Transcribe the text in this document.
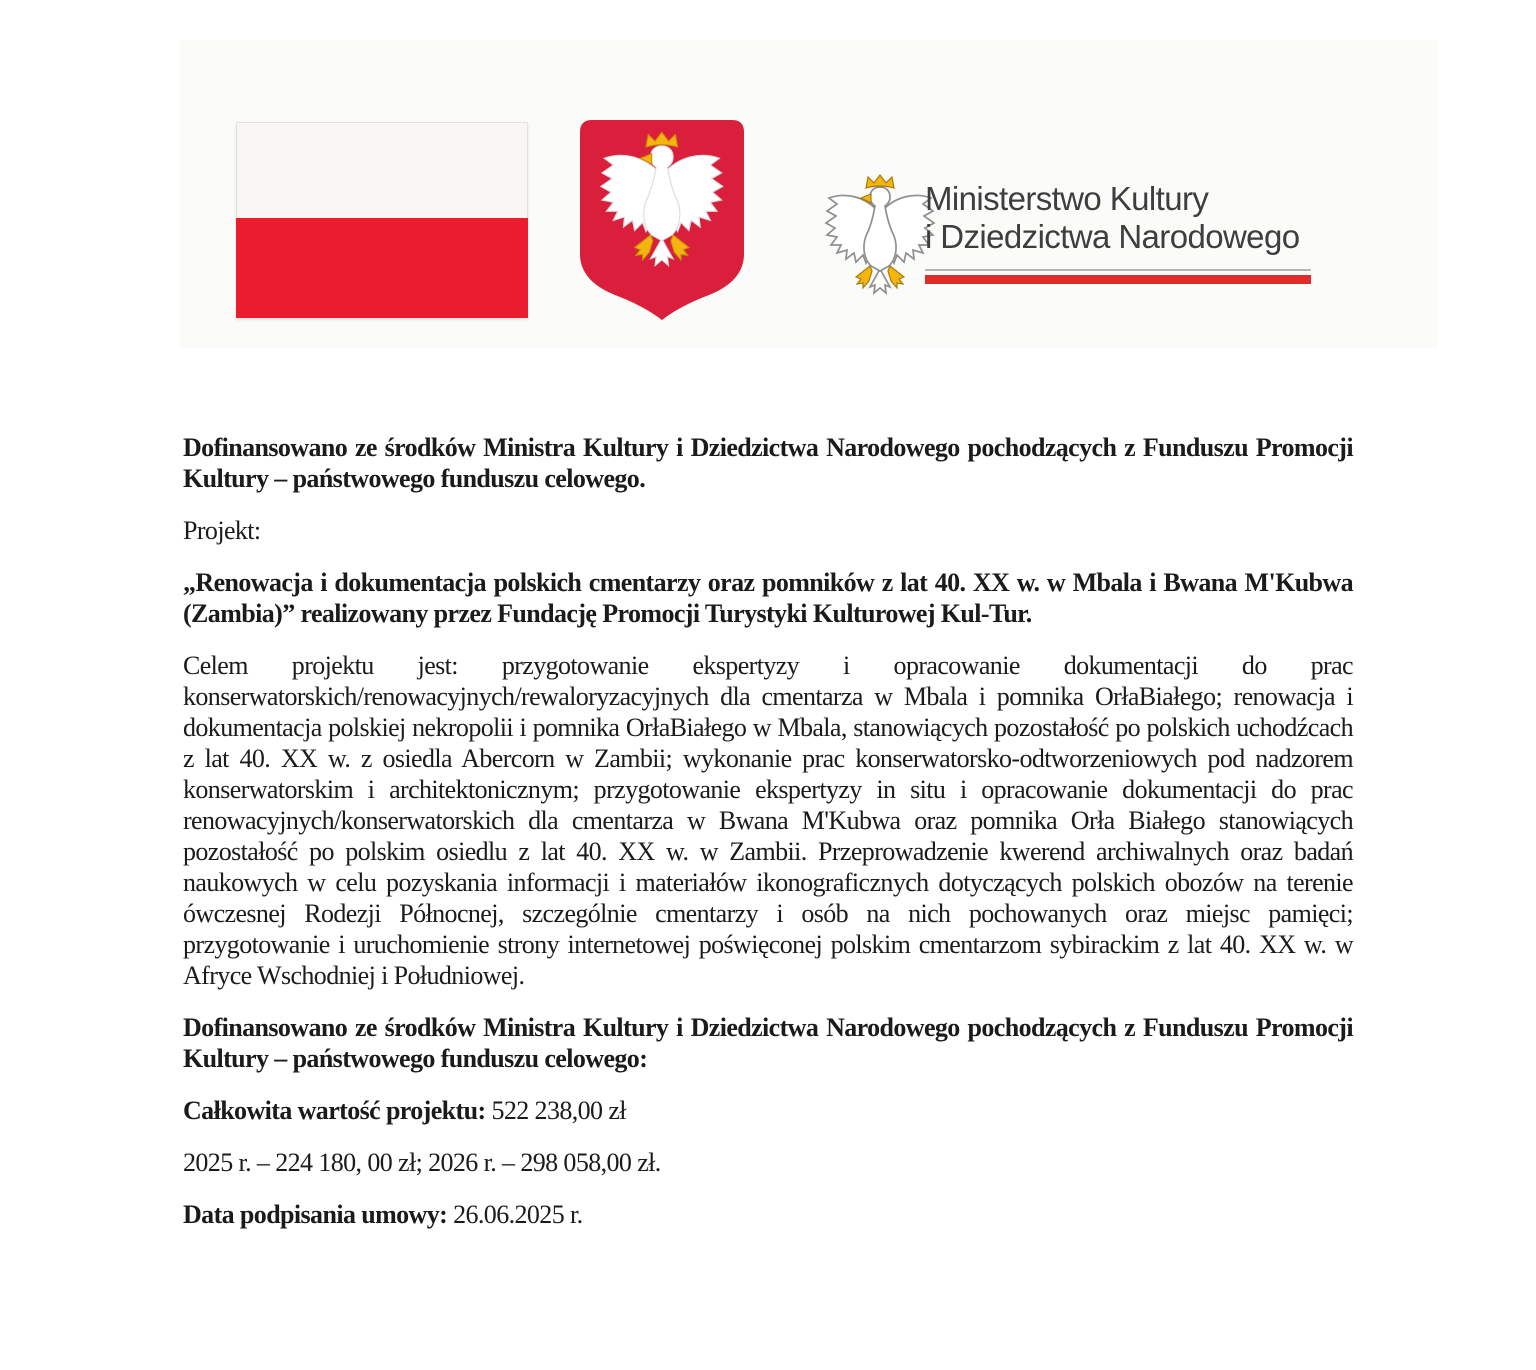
Ministerstwo Kultury
i Dziedzictwa Narodowego

Dofinansowano ze środków Ministra Kultury i Dziedzictwa Narodowego pochodzących z Funduszu Promocji Kultury – państwowego funduszu celowego.

Projekt:

„Renowacja i dokumentacja polskich cmentarzy oraz pomników z lat 40. XX w. w Mbala i Bwana M'Kubwa (Zambia)” realizowany przez Fundację Promocji Turystyki Kulturowej Kul-Tur.

Celem projektu jest: przygotowanie ekspertyzy i opracowanie dokumentacji do prac konserwatorskich/renowacyjnych/rewaloryzacyjnych dla cmentarza w Mbala i pomnika OrłaBiałego; renowacja i dokumentacja polskiej nekropolii i pomnika OrłaBiałego w Mbala, stanowiących pozostałość po polskich uchodźcach z lat 40. XX w. z osiedla Abercorn w Zambii; wykonanie prac konserwatorsko-odtworzeniowych pod nadzorem konserwatorskim i architektonicznym; przygotowanie ekspertyzy in situ i opracowanie dokumentacji do prac renowacyjnych/konserwatorskich dla cmentarza w Bwana M'Kubwa oraz pomnika Orła Białego stanowiących pozostałość po polskim osiedlu z lat 40. XX w. w Zambii. Przeprowadzenie kwerend archiwalnych oraz badań naukowych w celu pozyskania informacji i materiałów ikonograficznych dotyczących polskich obozów na terenie ówczesnej Rodezji Północnej, szczególnie cmentarzy i osób na nich pochowanych oraz miejsc pamięci; przygotowanie i uruchomienie strony internetowej poświęconej polskim cmentarzom sybirackim z lat 40. XX w. w Afryce Wschodniej i Południowej.

Dofinansowano ze środków Ministra Kultury i Dziedzictwa Narodowego pochodzących z Funduszu Promocji Kultury – państwowego funduszu celowego:

Całkowita wartość projektu: 522 238,00 zł

2025 r. – 224 180, 00 zł; 2026 r. – 298 058,00 zł.

Data podpisania umowy: 26.06.2025 r.
